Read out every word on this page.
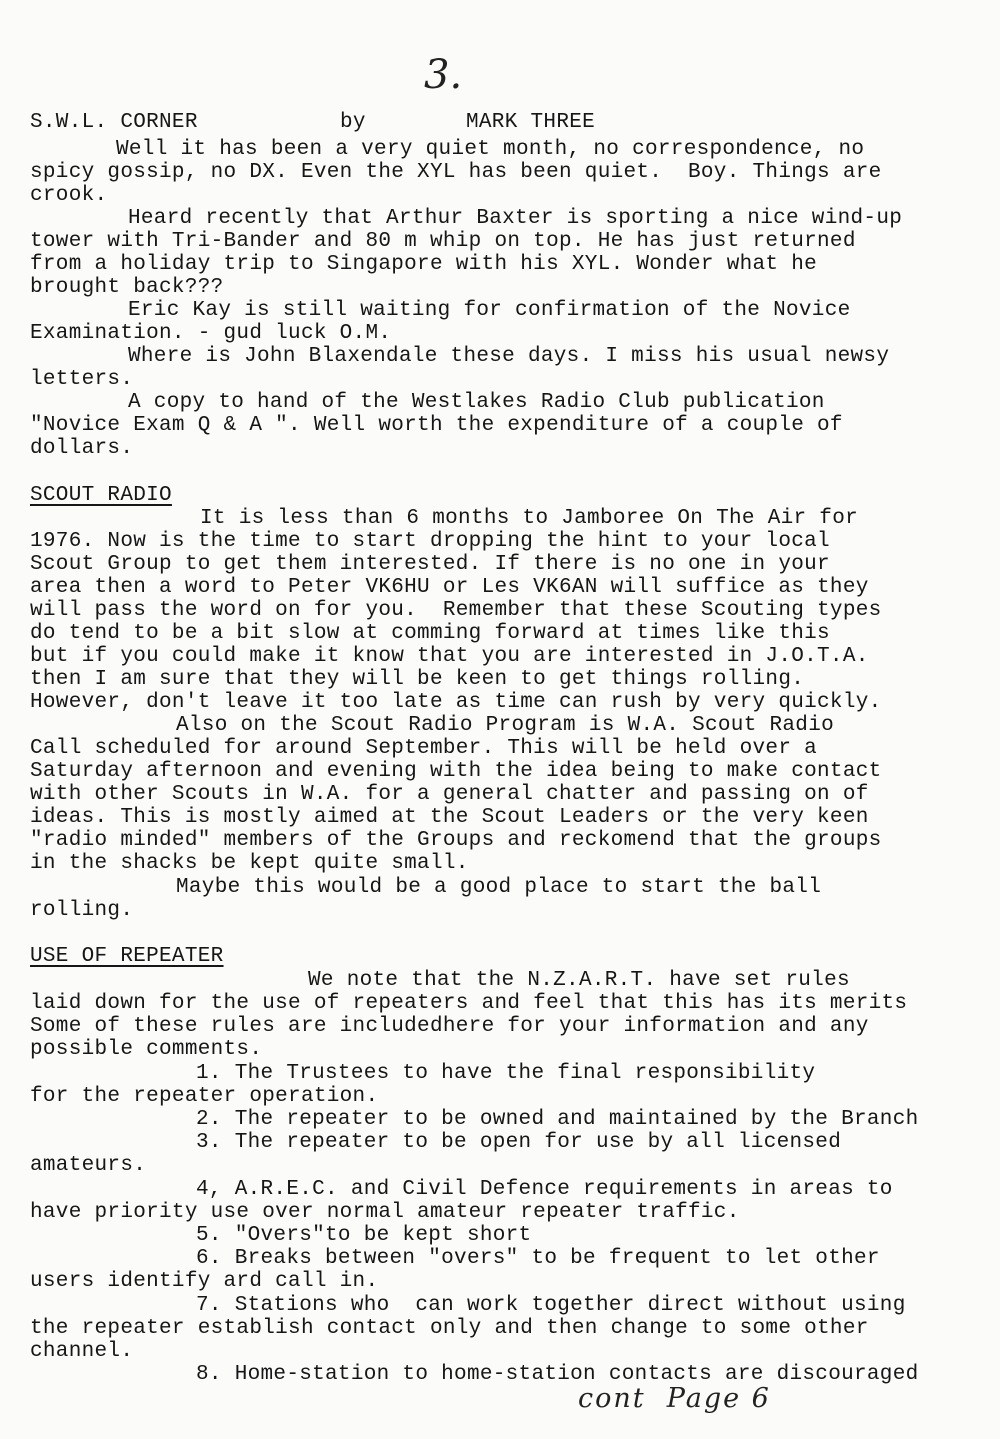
3.
S.W.L. CORNER	by	MARK THREE
Well it has been a very quiet month, no correspondence, no
spicy gossip, no DX. Even the XYL has been quiet.  Boy. Things are
crook.
Heard recently that Arthur Baxter is sporting a nice wind-up
tower with Tri-Bander and 80 m whip on top. He has just returned
from a holiday trip to Singapore with his XYL. Wonder what he
brought back???
Eric Kay is still waiting for confirmation of the Novice
Examination. - gud luck O.M.
Where is John Blaxendale these days. I miss his usual newsy
letters.
A copy to hand of the Westlakes Radio Club publication
"Novice Exam Q & A ". Well worth the expenditure of a couple of
dollars.
SCOUT RADIO
It is less than 6 months to Jamboree On The Air for
1976. Now is the time to start dropping the hint to your local
Scout Group to get them interested. If there is no one in your
area then a word to Peter VK6HU or Les VK6AN will suffice as they
will pass the word on for you.  Remember that these Scouting types
do tend to be a bit slow at comming forward at times like this
but if you could make it know that you are interested in J.O.T.A.
then I am sure that they will be keen to get things rolling.
However, don't leave it too late as time can rush by very quickly.
Also on the Scout Radio Program is W.A. Scout Radio
Call scheduled for around September. This will be held over a
Saturday afternoon and evening with the idea being to make contact
with other Scouts in W.A. for a general chatter and passing on of
ideas. This is mostly aimed at the Scout Leaders or the very keen
"radio minded" members of the Groups and reckomend that the groups
in the shacks be kept quite small.
Maybe this would be a good place to start the ball
rolling.
USE OF REPEATER
We note that the N.Z.A.R.T. have set rules
laid down for the use of repeaters and feel that this has its merits
Some of these rules are includedhere for your information and any
possible comments.
1. The Trustees to have the final responsibility
for the repeater operation.
2. The repeater to be owned and maintained by the Branch
3. The repeater to be open for use by all licensed
amateurs.
4, A.R.E.C. and Civil Defence requirements in areas to
have priority use over normal amateur repeater traffic.
5. "Overs"to be kept short
6. Breaks between "overs" to be frequent to let other
users identify ard call in.
7. Stations who  can work together direct without using
the repeater establish contact only and then change to some other
channel.
8. Home-station to home-station contacts are discouraged
cont  Page 6
